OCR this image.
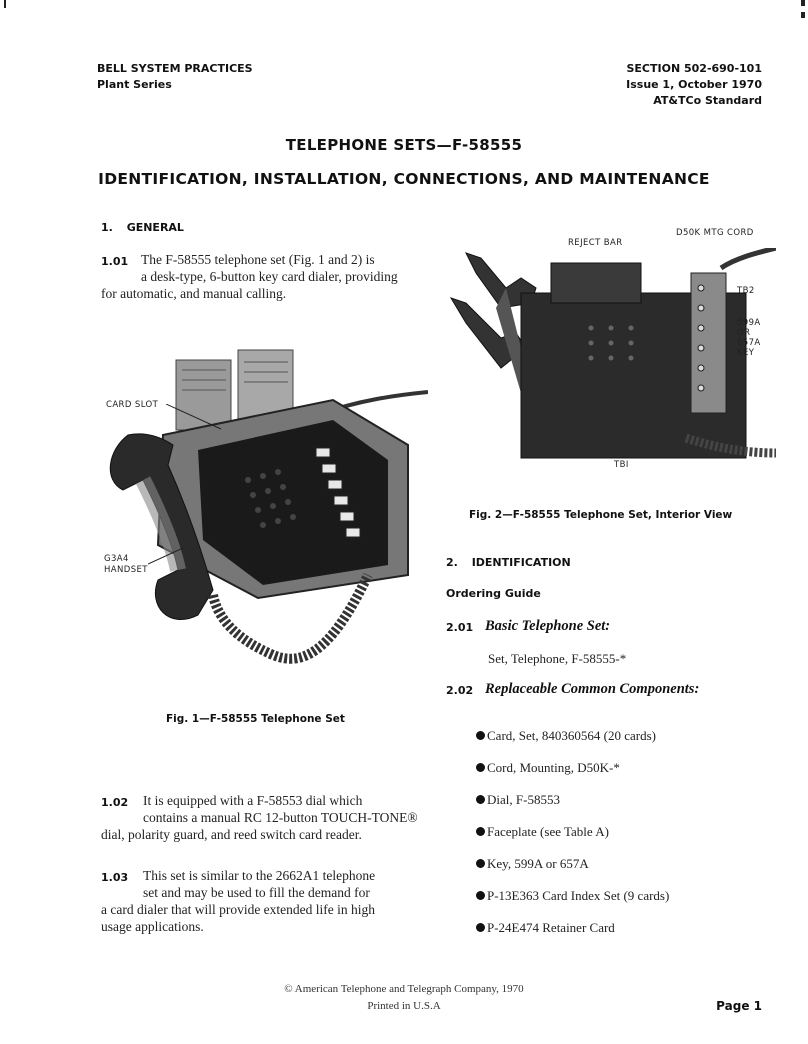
BELL SYSTEM PRACTICES
Plant Series
SECTION 502-690-101
Issue 1, October 1970
AT&TCo Standard
TELEPHONE SETS—F-58555
IDENTIFICATION, INSTALLATION, CONNECTIONS, AND MAINTENANCE
1. GENERAL
1.01 The F-58555 telephone set (Fig. 1 and 2) is
a desk-type, 6-button key card dialer, providing
for automatic, and manual calling.
CARD SLOT
G3A4
HANDSET
Fig. 1—F-58555 Telephone Set
1.02	It is equipped with a F-58553 dial which
contains a manual RC 12-button TOUCH-TONE®
dial, polarity guard, and reed switch card reader.
1.03	This set is similar to the 2662A1 telephone
set and may be used to fill the demand for
a card dialer that will provide extended life in high
usage applications.
REJECT BAR
D50K MTG CORD
TB2
599A
OR
657A
KEY
TBI
Fig. 2—F-58555 Telephone Set, Interior View
2. IDENTIFICATION
Ordering Guide
2.01 Basic Telephone Set:
Set, Telephone, F-58555-*
2.02 Replaceable Common Components:
Card, Set, 840360564 (20 cards)
Cord, Mounting, D50K-*
Dial, F-58553
Faceplate (see Table A)
Key, 599A or 657A
P-13E363 Card Index Set (9 cards)
P-24E474 Retainer Card
© American Telephone and Telegraph Company, 1970
Printed in U.S.A	Page 1
